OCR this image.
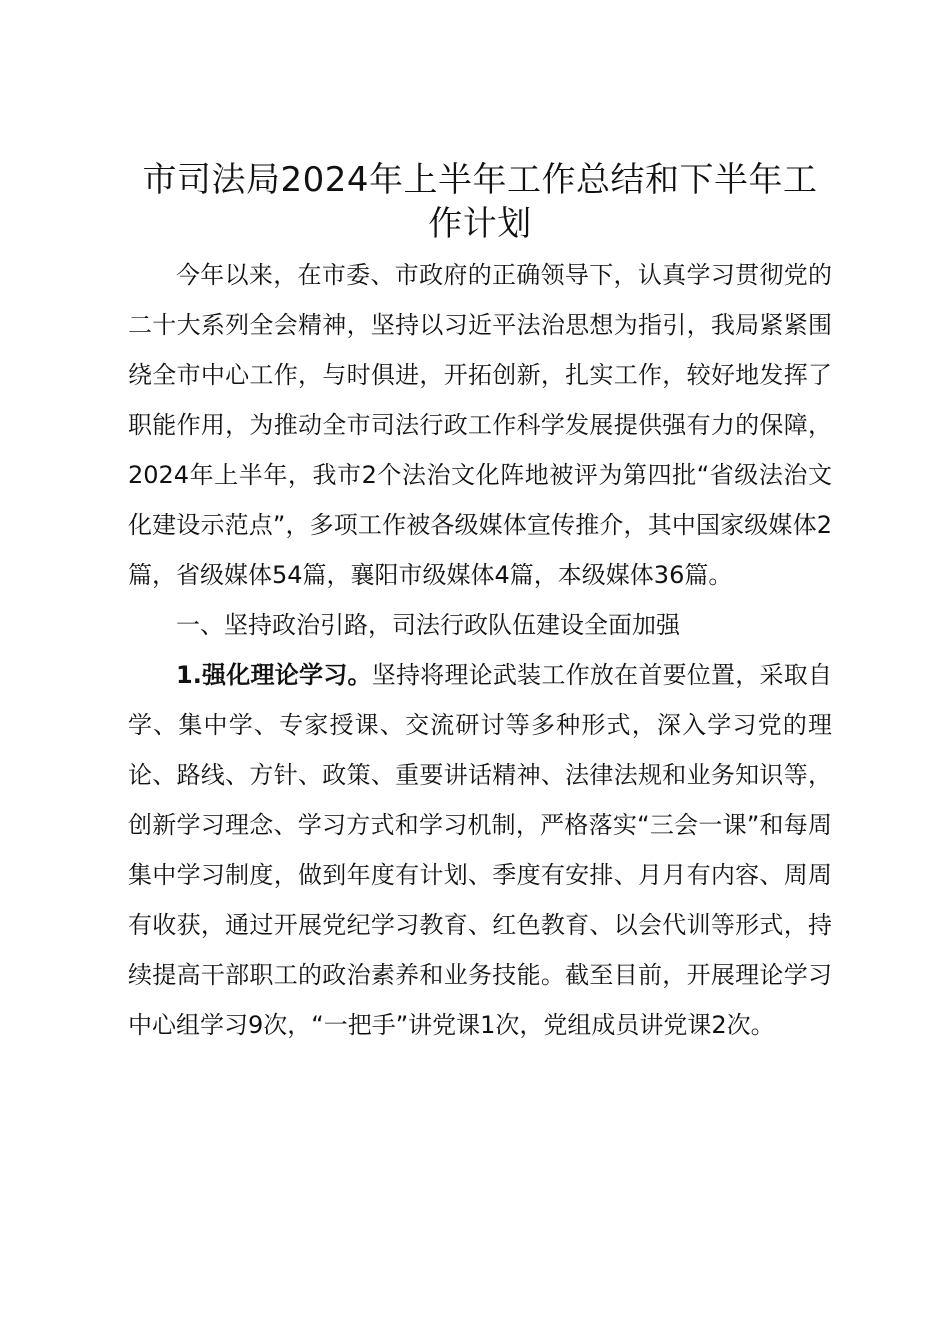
市司法局2024年上半年工作总结和下半年工
作计划

今年以来，在市委、市政府的正确领导下，认真学习贯彻党的二十大系列全会精神，坚持以习近平法治思想为指引，我局紧紧围绕全市中心工作，与时俱进，开拓创新，扎实工作，较好地发挥了职能作用，为推动全市司法行政工作科学发展提供强有力的保障，2024年上半年，我市2个法治文化阵地被评为第四批“省级法治文化建设示范点”，多项工作被各级媒体宣传推介，其中国家级媒体2篇，省级媒体54篇，襄阳市级媒体4篇，本级媒体36篇。

一、坚持政治引路，司法行政队伍建设全面加强

1.强化理论学习。坚持将理论武装工作放在首要位置，采取自学、集中学、专家授课、交流研讨等多种形式，深入学习党的理论、路线、方针、政策、重要讲话精神、法律法规和业务知识等，创新学习理念、学习方式和学习机制，严格落实“三会一课”和每周集中学习制度，做到年度有计划、季度有安排、月月有内容、周周有收获，通过开展党纪学习教育、红色教育、以会代训等形式，持续提高干部职工的政治素养和业务技能。截至目前，开展理论学习中心组学习9次，“一把手”讲党课1次，党组成员讲党课2次。
